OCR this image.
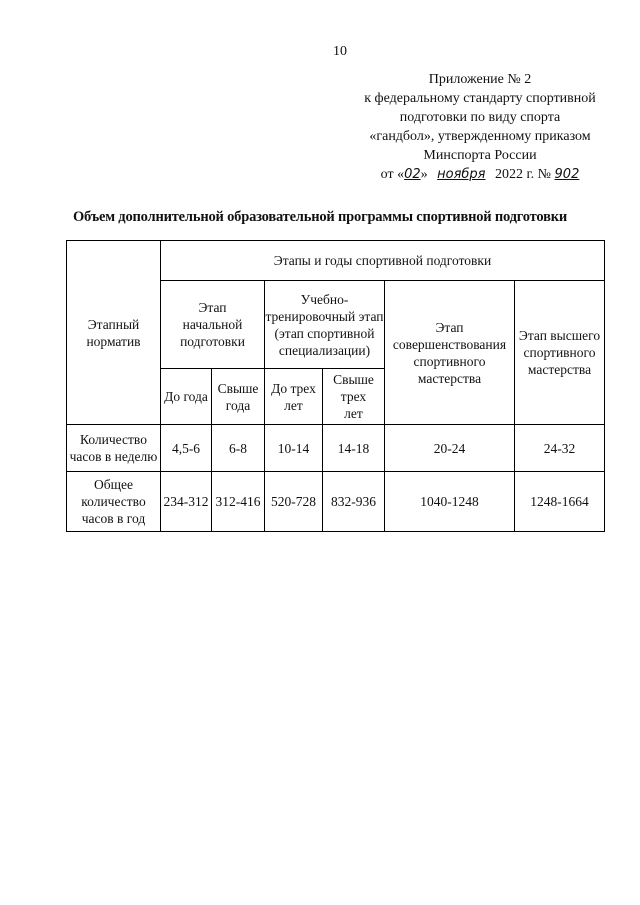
10
Приложение № 2
к федеральному стандарту спортивной
подготовки по виду спорта
«гандбол», утвержденному приказом
Минспорта России
от «02» ноября 2022 г. № 902
Объем дополнительной образовательной программы спортивной подготовки
Этапный норматив	Этапы и годы спортивной подготовки					
	Этап начальной подготовки		Учебно-тренировочный этап (этап спортивной специализации)		Этап совершенствования спортивного мастерства	Этап высшего спортивного мастерства
	До года	Свыше года	До трех лет	Свыше трех лет		
Количество часов в неделю	4,5-6	6-8	10-14	14-18	20-24	24-32
Общее количество часов в год	234-312	312-416	520-728	832-936	1040-1248	1248-1664
